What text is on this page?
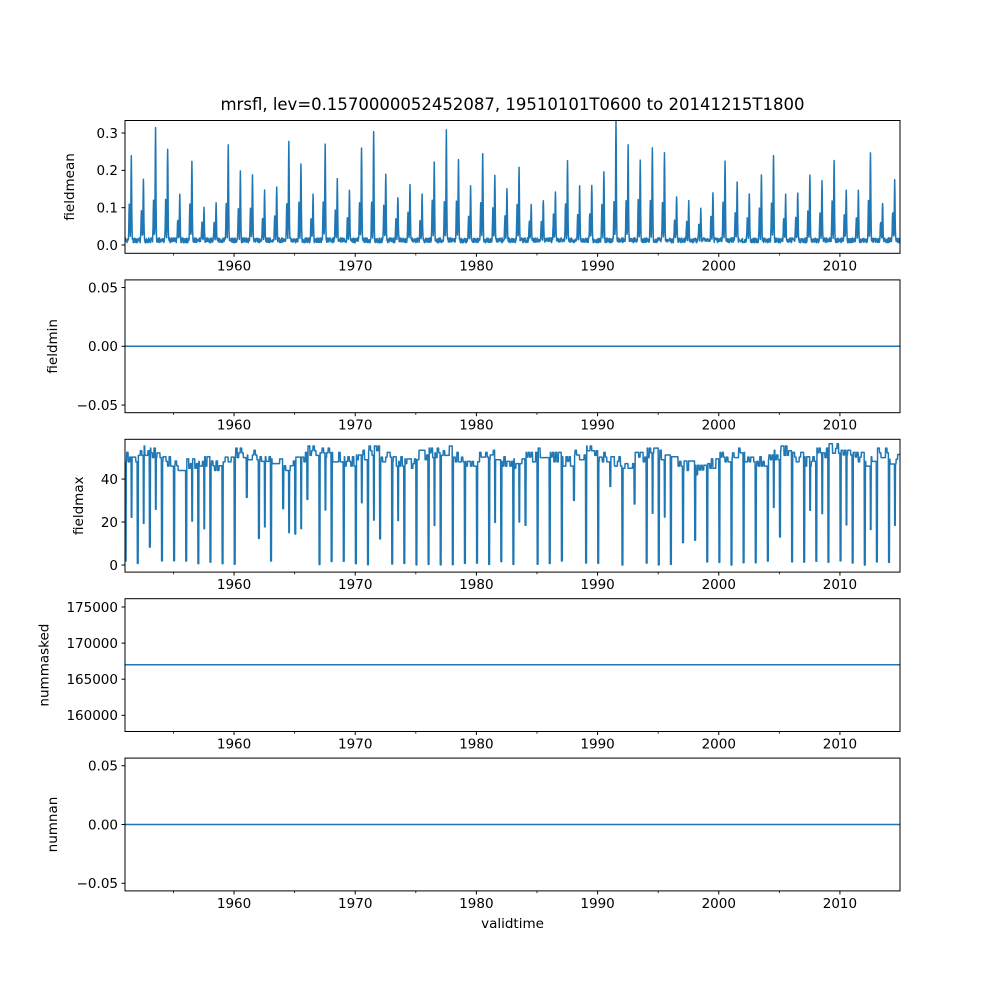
mrsfl, lev=0.1570000052452087, 19510101T0600 to 20141215T1800
1960	1970	1980	1990	2000	2010
0.0
0.1
0.2
0.3
fieldmean
1960	1970	1980	1990	2000	2010
−0.05
0.00
0.05
fieldmin
1960	1970	1980	1990	2000	2010
0
20
40
fieldmax
1960	1970	1980	1990	2000	2010
160000
165000
170000
175000
nummasked
1960	1970	1980	1990	2000	2010
−0.05
0.00
0.05
numnan
validtime
